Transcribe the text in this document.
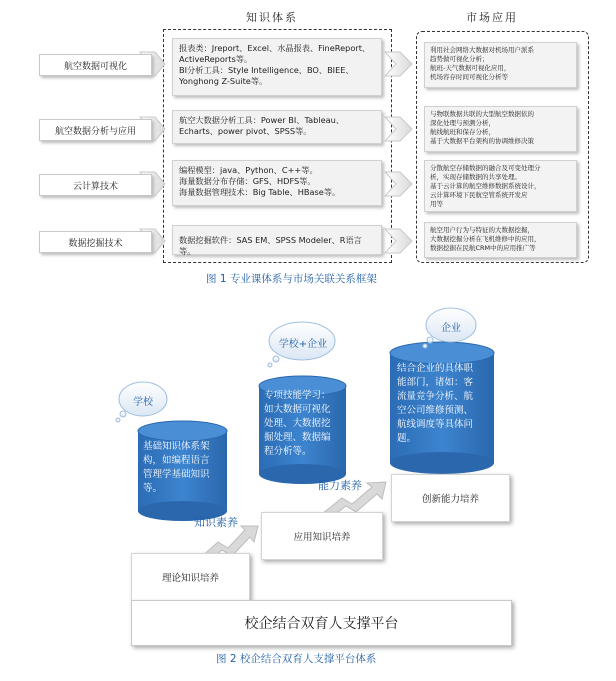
知识体系	市场应用
航空数据可视化
航空数据分析与应用
云计算技术
数据挖掘技术
报表类：Jreport、Excel、水晶报表、FineReport、
ActiveReports等。
BI分析工具：Style Intelligence、BO、BIEE、
Yonghong Z-Suite等。
航空大数据分析工具：Power BI、Tableau、
Echarts、power pivot、SPSS等。
编程模型：java、Python、C++等。
海量数据分布存储：GFS、HDFS等。
海量数据管理技术：Big Table、HBase等。
数据挖掘软件：SAS EM、SPSS Modeler、R语言等。
利用社会网络大数据对机场用户派系
趋势做可视化分析；
航班-天气数据可视化应用，
机场容存时间可视化分析等
与物联数据共联的大型航空数据依的
深化处理与预测分析，
航线航班和保存分析，
基于大数据平台架构的协调维修决策
分散航空存储数据的融合及可变处理分
析，实现存储数据的共享处理。
基于云计算的航空维修数据系统设计，
云计算环境下民航空管系统开发应
用等
航空用户行为与特征的大数据挖掘，
大数据挖掘分析在飞机维修中的应用，
数据挖掘在民航CRM中的应用推广等
图 1 专业课体系与市场关联关系框架
学校
学校+企业
企业
基础知识体系架
构，如编程语言
管理学基础知识
等。
专项技能学习：
如大数据可视化
处理、大数据挖
掘处理、数据编
程分析等。
结合企业的具体职
能部门，诸如：客
流量竞争分析、航
空公司维修预测、
航线调度等具体问
题。
知识素养
能力素养
理论知识培养
应用知识培养
创新能力培养
校企结合双育人支撑平台
图 2 校企结合双育人支撑平台体系
